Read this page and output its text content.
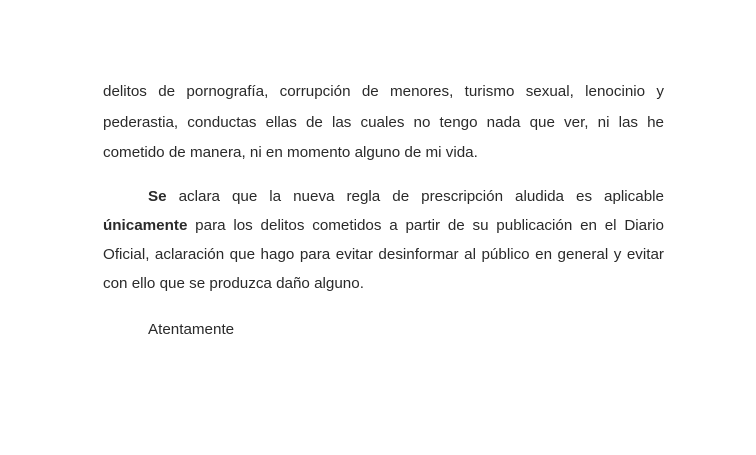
delitos de pornografía, corrupción de menores, turismo sexual, lenocinio y
pederastia, conductas ellas de las cuales no tengo nada que ver, ni las he
cometido de manera, ni en momento alguno de mi vida.
Se aclara que la nueva regla de prescripción aludida es aplicable
únicamente para los delitos cometidos a partir de su publicación en el Diario
Oficial, aclaración que hago para evitar desinformar al público en general y evitar
con ello que se produzca daño alguno.
Atentamente
